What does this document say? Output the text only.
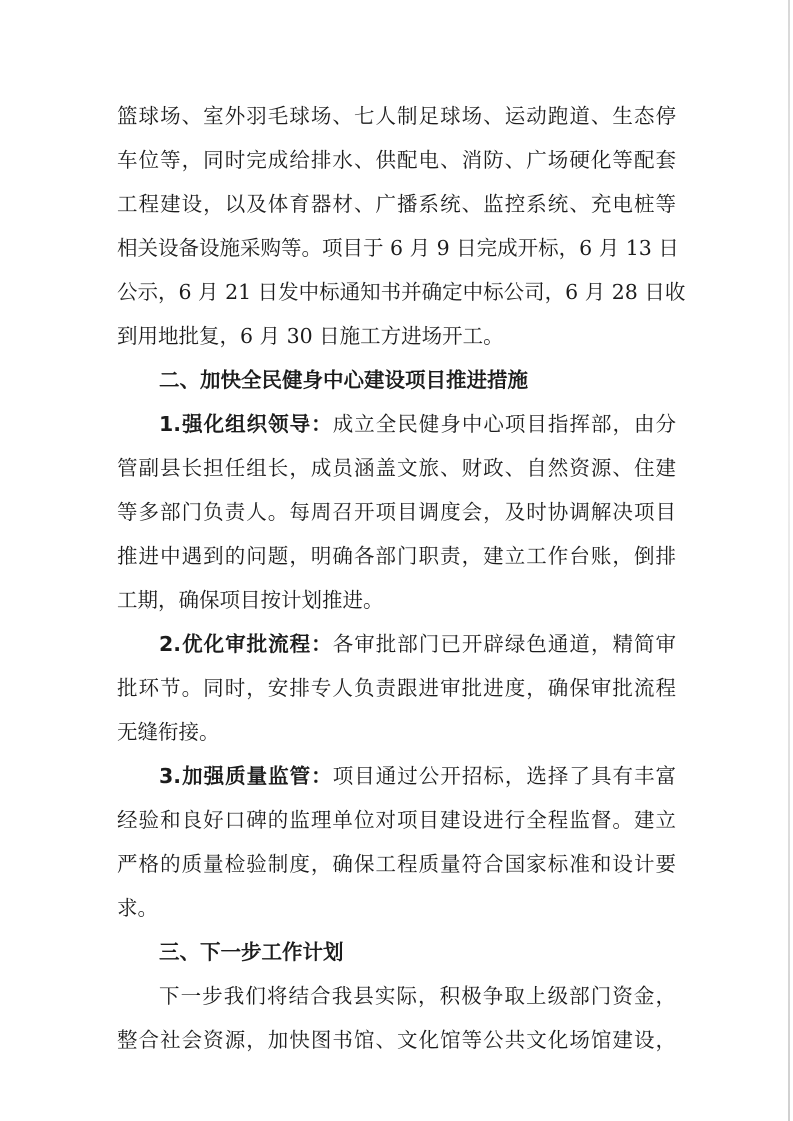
篮球场、室外羽毛球场、七人制足球场、运动跑道、生态停
车位等，同时完成给排水、供配电、消防、广场硬化等配套
工程建设，以及体育器材、广播系统、监控系统、充电桩等
相关设备设施采购等。项目于 6 月 9 日完成开标，6 月 13 日
公示，6 月 21 日发中标通知书并确定中标公司，6 月 28 日收
到用地批复，6 月 30 日施工方进场开工。
二、加快全民健身中心建设项目推进措施
1.强化组织领导：成立全民健身中心项目指挥部，由分
管副县长担任组长，成员涵盖文旅、财政、自然资源、住建
等多部门负责人。每周召开项目调度会，及时协调解决项目
推进中遇到的问题，明确各部门职责，建立工作台账，倒排
工期，确保项目按计划推进。
2.优化审批流程：各审批部门已开辟绿色通道，精简审
批环节。同时，安排专人负责跟进审批进度，确保审批流程
无缝衔接。
3.加强质量监管：项目通过公开招标，选择了具有丰富
经验和良好口碑的监理单位对项目建设进行全程监督。建立
严格的质量检验制度，确保工程质量符合国家标准和设计要
求。
三、下一步工作计划
下一步我们将结合我县实际，积极争取上级部门资金，
整合社会资源，加快图书馆、文化馆等公共文化场馆建设，
